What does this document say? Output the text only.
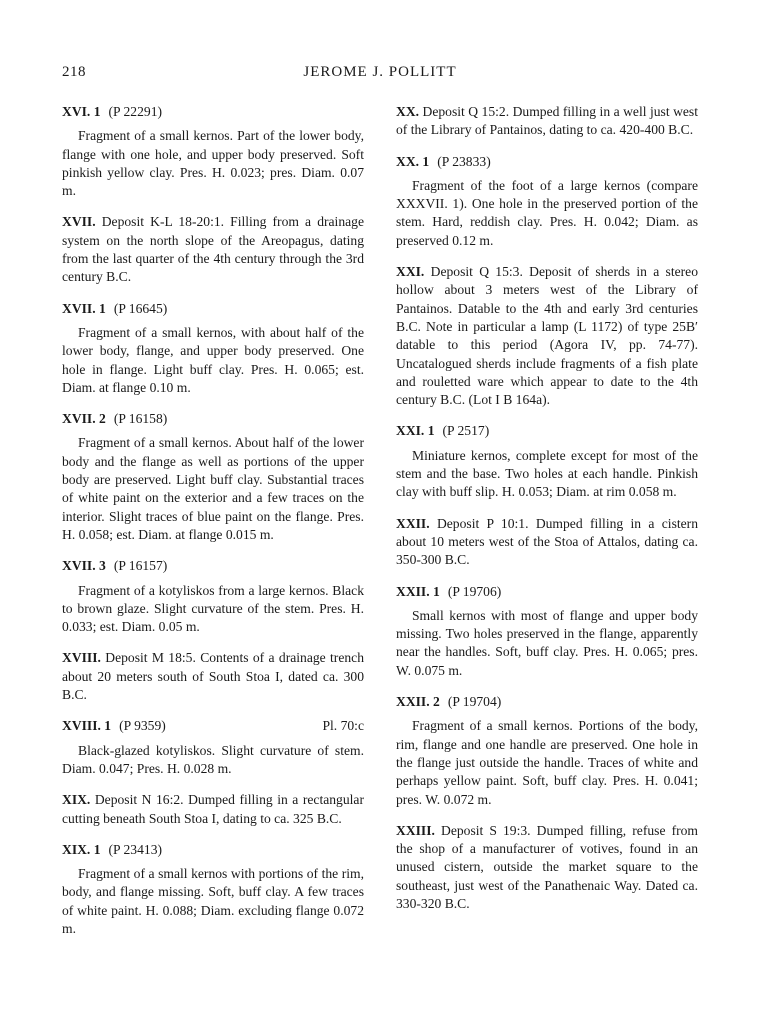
218	JEROME J. POLLITT
XVI. 1 (P 22291)

Fragment of a small kernos. Part of the lower body, flange with one hole, and upper body preserved. Soft pinkish yellow clay. Pres. H. 0.023; pres. Diam. 0.07 m.

XVII. Deposit K-L 18-20:1. Filling from a drainage system on the north slope of the Areopagus, dating from the last quarter of the 4th century through the 3rd century B.C.

XVII. 1 (P 16645)

Fragment of a small kernos, with about half of the lower body, flange, and upper body preserved. One hole in flange. Light buff clay. Pres. H. 0.065; est. Diam. at flange 0.10 m.

XVII. 2 (P 16158)

Fragment of a small kernos. About half of the lower body and the flange as well as portions of the upper body are preserved. Light buff clay. Substantial traces of white paint on the exterior and a few traces on the interior. Slight traces of blue paint on the flange. Pres. H. 0.058; est. Diam. at flange 0.015 m.

XVII. 3 (P 16157)

Fragment of a kotyliskos from a large kernos. Black to brown glaze. Slight curvature of the stem. Pres. H. 0.033; est. Diam. 0.05 m.

XVIII. Deposit M 18:5. Contents of a drainage trench about 20 meters south of South Stoa I, dated ca. 300 B.C.

XVIII. 1 (P 9359)	Pl. 70:c

Black-glazed kotyliskos. Slight curvature of stem. Diam. 0.047; Pres. H. 0.028 m.

XIX. Deposit N 16:2. Dumped filling in a rectangular cutting beneath South Stoa I, dating to ca. 325 B.C.

XIX. 1 (P 23413)

Fragment of a small kernos with portions of the rim, body, and flange missing. Soft, buff clay. A few traces of white paint. H. 0.088; Diam. excluding flange 0.072 m.

XX. Deposit Q 15:2. Dumped filling in a well just west of the Library of Pantainos, dating to ca. 420-400 B.C.

XX. 1 (P 23833)

Fragment of the foot of a large kernos (compare XXXVII. 1). One hole in the preserved portion of the stem. Hard, reddish clay. Pres. H. 0.042; Diam. as preserved 0.12 m.

XXI. Deposit Q 15:3. Deposit of sherds in a stereo hollow about 3 meters west of the Library of Pantainos. Datable to the 4th and early 3rd centuries B.C. Note in particular a lamp (L 1172) of type 25B′ datable to this period (Agora IV, pp. 74-77). Uncatalogued sherds include fragments of a fish plate and rouletted ware which appear to date to the 4th century B.C. (Lot I B 164a).

XXI. 1 (P 2517)

Miniature kernos, complete except for most of the stem and the base. Two holes at each handle. Pinkish clay with buff slip. H. 0.053; Diam. at rim 0.058 m.

XXII. Deposit P 10:1. Dumped filling in a cistern about 10 meters west of the Stoa of Attalos, dating ca. 350-300 B.C.

XXII. 1 (P 19706)

Small kernos with most of flange and upper body missing. Two holes preserved in the flange, apparently near the handles. Soft, buff clay. Pres. H. 0.065; pres. W. 0.075 m.

XXII. 2 (P 19704)

Fragment of a small kernos. Portions of the body, rim, flange and one handle are preserved. One hole in the flange just outside the handle. Traces of white and perhaps yellow paint. Soft, buff clay. Pres. H. 0.041; pres. W. 0.072 m.

XXIII. Deposit S 19:3. Dumped filling, refuse from the shop of a manufacturer of votives, found in an unused cistern, outside the market square to the southeast, just west of the Panathenaic Way. Dated ca. 330-320 B.C.
